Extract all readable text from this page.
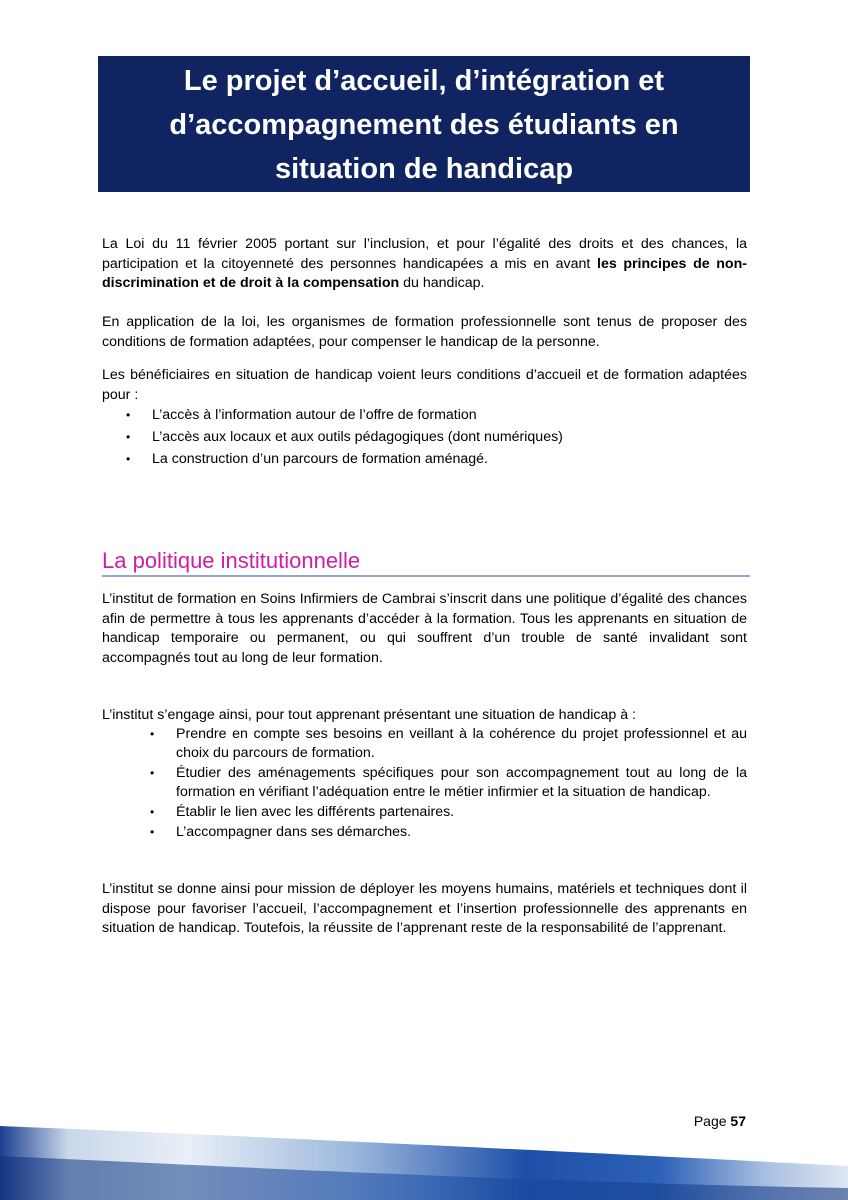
Le projet d’accueil, d’intégration et
d’accompagnement des étudiants en
situation de handicap

La Loi du 11 février 2005 portant sur l’inclusion, et pour l’égalité des droits et des chances, la participation et la citoyenneté des personnes handicapées a mis en avant les principes de non-discrimination et de droit à la compensation du handicap.

En application de la loi, les organismes de formation professionnelle sont tenus de proposer des conditions de formation adaptées, pour compenser le handicap de la personne.

Les bénéficiaires en situation de handicap voient leurs conditions d’accueil et de formation adaptées pour :

• L’accès à l’information autour de l’offre de formation
• L’accès aux locaux et aux outils pédagogiques (dont numériques)
• La construction d’un parcours de formation aménagé.
La politique institutionnelle

L’institut de formation en Soins Infirmiers de Cambrai s’inscrit dans une politique d’égalité des chances afin de permettre à tous les apprenants d’accéder à la formation. Tous les apprenants en situation de handicap temporaire ou permanent, ou qui souffrent d’un trouble de santé invalidant sont accompagnés tout au long de leur formation.

L’institut s’engage ainsi, pour tout apprenant présentant une situation de handicap à :

• Prendre en compte ses besoins en veillant à la cohérence du projet professionnel et au choix du parcours de formation.
• Étudier des aménagements spécifiques pour son accompagnement tout au long de la formation en vérifiant l’adéquation entre le métier infirmier et la situation de handicap.
• Établir le lien avec les différents partenaires.
• L’accompagner dans ses démarches.

L’institut se donne ainsi pour mission de déployer les moyens humains, matériels et techniques dont il dispose pour favoriser l’accueil, l’accompagnement et l’insertion professionnelle des apprenants en situation de handicap. Toutefois, la réussite de l’apprenant reste de la responsabilité de l’apprenant.

Page 57
